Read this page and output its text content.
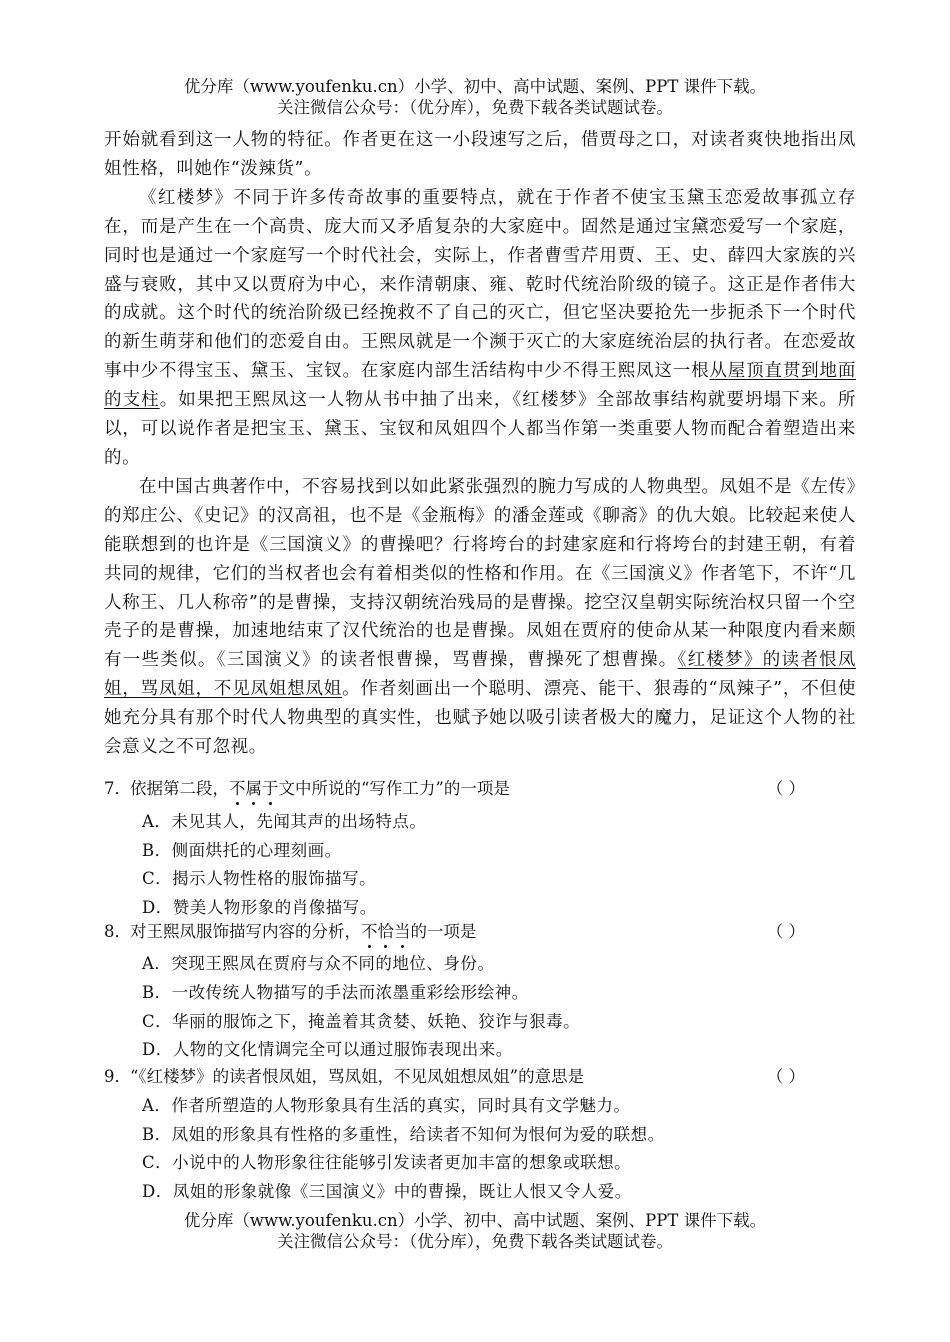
优分库（www.youfenku.cn）小学、初中、高中试题、案例、PPT 课件下载。
关注微信公众号：（优分库），免费下载各类试题试卷。

开始就看到这一人物的特征。作者更在这一小段速写之后，借贾母之口，对读者爽快地指出凤姐性格，叫她作“泼辣货”。

《红楼梦》不同于许多传奇故事的重要特点，就在于作者不使宝玉黛玉恋爱故事孤立存在，而是产生在一个高贵、庞大而又矛盾复杂的大家庭中。固然是通过宝黛恋爱写一个家庭，同时也是通过一个家庭写一个时代社会，实际上，作者曹雪芹用贾、王、史、薛四大家族的兴盛与衰败，其中又以贾府为中心，来作清朝康、雍、乾时代统治阶级的镜子。这正是作者伟大的成就。这个时代的统治阶级已经挽救不了自己的灭亡，但它坚决要抢先一步扼杀下一个时代的新生萌芽和他们的恋爱自由。王熙凤就是一个濒于灭亡的大家庭统治层的执行者。在恋爱故事中少不得宝玉、黛玉、宝钗。在家庭内部生活结构中少不得王熙凤这一根从屋顶直贯到地面的支柱。如果把王熙凤这一人物从书中抽了出来，《红楼梦》全部故事结构就要坍塌下来。所以，可以说作者是把宝玉、黛玉、宝钗和凤姐四个人都当作第一类重要人物而配合着塑造出来的。

在中国古典著作中，不容易找到以如此紧张强烈的腕力写成的人物典型。凤姐不是《左传》的郑庄公、《史记》的汉高祖，也不是《金瓶梅》的潘金莲或《聊斋》的仇大娘。比较起来使人能联想到的也许是《三国演义》的曹操吧？行将垮台的封建家庭和行将垮台的封建王朝，有着共同的规律，它们的当权者也会有着相类似的性格和作用。在《三国演义》作者笔下，不许“几人称王、几人称帝”的是曹操，支持汉朝统治残局的是曹操。挖空汉皇朝实际统治权只留一个空壳子的是曹操，加速地结束了汉代统治的也是曹操。凤姐在贾府的使命从某一种限度内看来颇有一些类似。《三国演义》的读者恨曹操，骂曹操，曹操死了想曹操。《红楼梦》的读者恨凤姐，骂凤姐，不见凤姐想凤姐。作者刻画出一个聪明、漂亮、能干、狠毒的“凤辣子”，不但使她充分具有那个时代人物典型的真实性，也赋予她以吸引读者极大的魔力，足证这个人物的社会意义之不可忽视。

7．依据第二段，不属于
文中所说的“写作工力”的一项是	（ ）
A．未见其人，先闻其声的出场特点。
B．侧面烘托的心理刻画。
C．揭示人物性格的服饰描写。
D．赞美人物形象的肖像描写。
8．对王熙凤服饰描写内容的分析，不恰当
的一项是	（ ）
A．突现王熙凤在贾府与众不同的地位、身份。
B．一改传统人物描写的手法而浓墨重彩绘形绘神。
C．华丽的服饰之下，掩盖着其贪婪、妖艳、狡诈与狠毒。
D．人物的文化情调完全可以通过服饰表现出来。
9．“《红楼梦》的读者恨凤姐，骂凤姐，不见凤姐想凤姐”的意思是	（ ）
A．作者所塑造的人物形象具有生活的真实，同时具有文学魅力。
B．凤姐的形象具有性格的多重性，给读者不知何为恨何为爱的联想。
C．小说中的人物形象往往能够引发读者更加丰富的想象或联想。
D．凤姐的形象就像《三国演义》中的曹操，既让人恨又令人爱。
优分库（www.youfenku.cn）小学、初中、高中试题、案例、PPT 课件下载。
关注微信公众号：（优分库），免费下载各类试题试卷。
